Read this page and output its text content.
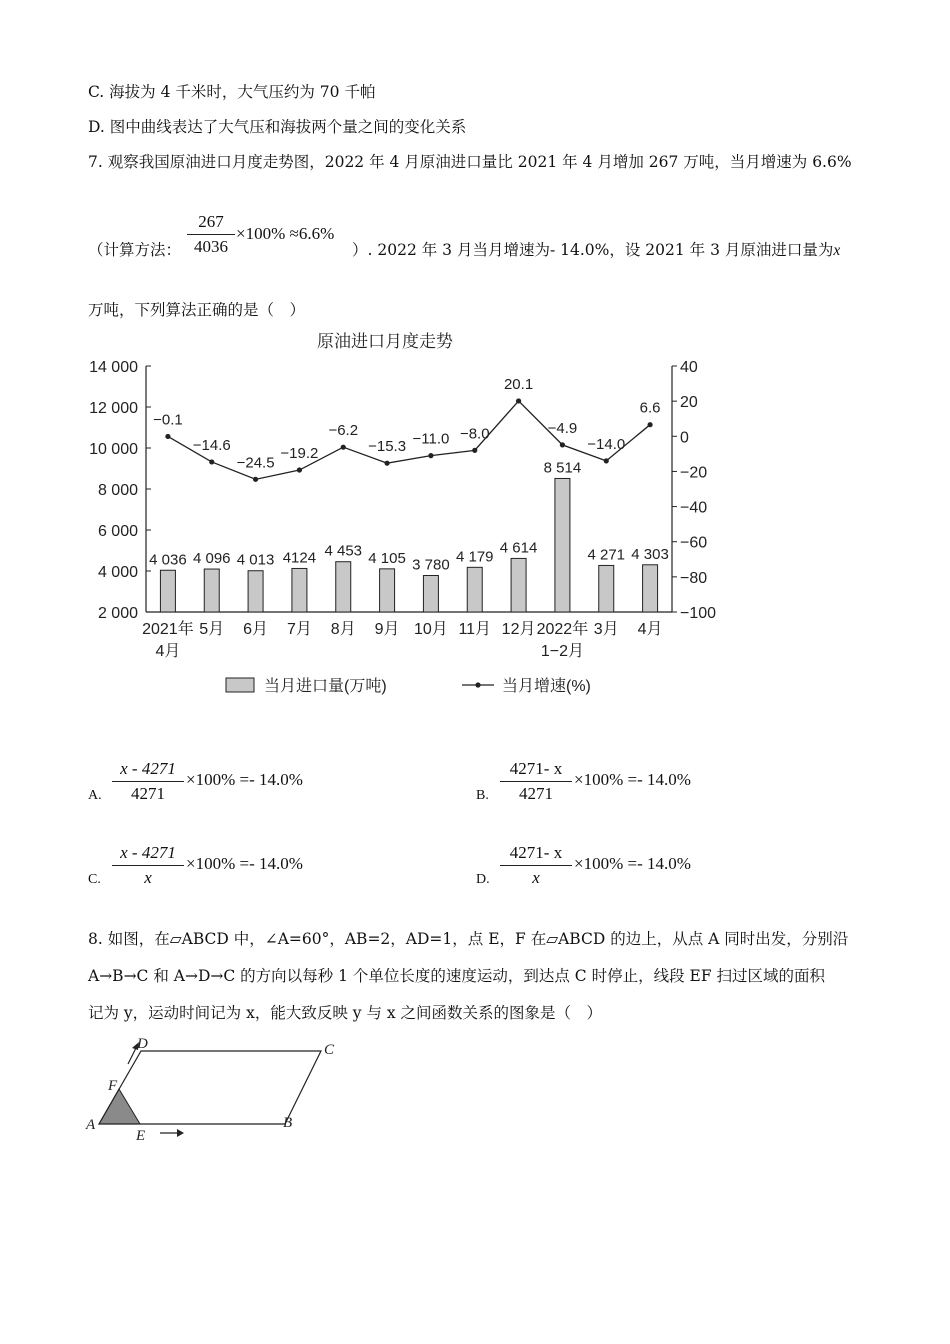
C. 海拔为 4 千米时，大气压约为 70 千帕
D. 图中曲线表达了大气压和海拔两个量之间的变化关系
7. 观察我国原油进口月度走势图，2022 年 4 月原油进口量比 2021 年 4 月增加 267 万吨，当月增速为 6.6%
（计算方法：
267
4036
×100% ≈6.6%
）. 2022 年 3 月当月增速为- 14.0%，设 2021 年 3 月原油进口量为x
万吨，下列算法正确的是（　）
原油进口月度走势
2 000
4 000
6 000
8 000
10 000
12 000
14 000
−100
−80
−60
−40
−20
0
20
40
4 036 4 096 4 013 4124 4 453 4 105 3 780 4 179
4 614
8 514
4 271 4 303
−0.1
−14.6
−24.5
−19.2
−6.2
−15.3 −11.0 −8.0
20.1
−4.9
−14.0
6.6
2021年
4月
5月 6月 7月 8月 9月 10月 11月 12月 2022年
1−2月
3月 4月
当月进口量(万吨)	当月增速(%)
A.
x - 4271
4271
×100% =- 14.0%
B.
4271- x
4271
×100% =- 14.0%
C.
x - 4271
x
×100% =- 14.0%
D.
4271- x
x
×100% =- 14.0%
8. 如图，在▱ABCD 中，∠A=60°，AB=2，AD=1，点 E，F 在▱ABCD 的边上，从点 A 同时出发，分别沿
A→B→C 和 A→D→C 的方向以每秒 1 个单位长度的速度运动，到达点 C 时停止，线段 EF 扫过区域的面积
记为 y，运动时间记为 x，能大致反映 y 与 x 之间函数关系的图象是（　）
A	B
C
D
E
F
